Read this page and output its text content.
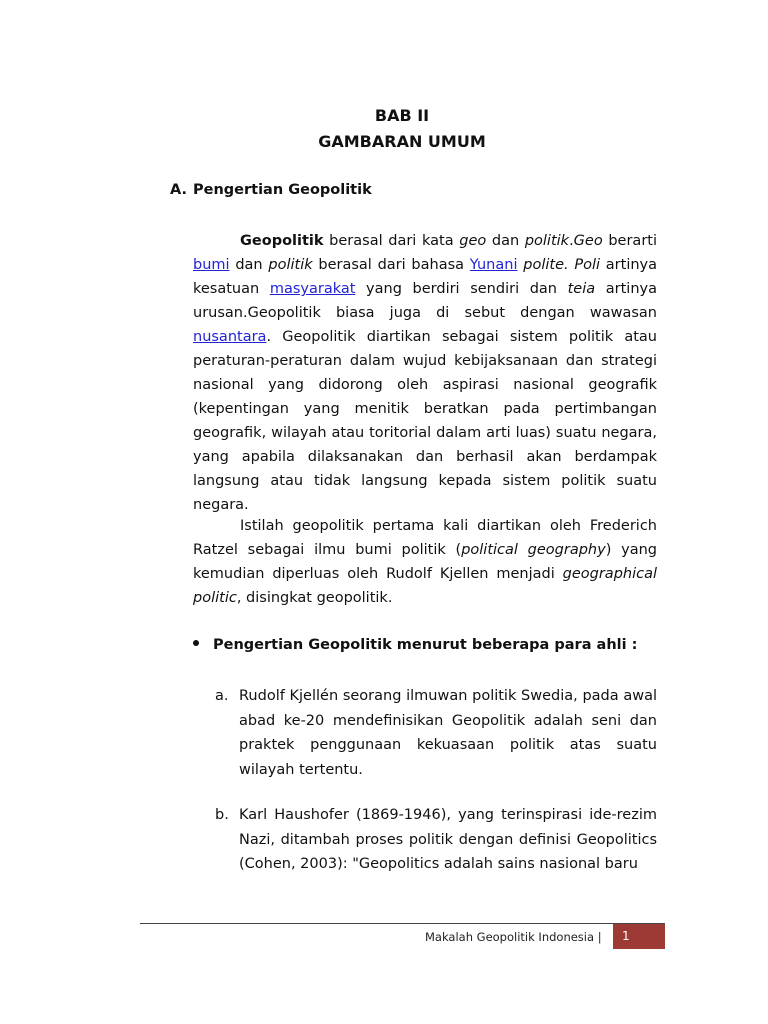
BAB II
GAMBARAN UMUM
A. Pengertian Geopolitik

Geopolitik berasal dari kata geo dan politik.Geo berarti bumi dan politik berasal dari bahasa Yunani polite. Poli artinya kesatuan masyarakat yang berdiri sendiri dan teia artinya urusan.Geopolitik biasa juga di sebut dengan wawasan nusantara. Geopolitik diartikan sebagai sistem politik atau peraturan-peraturan dalam wujud kebijaksanaan dan strategi nasional yang didorong oleh aspirasi nasional geografik (kepentingan yang menitik beratkan pada pertimbangan geografik, wilayah atau toritorial dalam arti luas) suatu negara, yang apabila dilaksanakan dan berhasil akan berdampak langsung atau tidak langsung kepada sistem politik suatu negara.

Istilah geopolitik pertama kali diartikan oleh Frederich Ratzel sebagai ilmu bumi politik (political geography) yang kemudian diperluas oleh Rudolf Kjellen menjadi geographical politic, disingkat geopolitik.

Pengertian Geopolitik menurut beberapa para ahli :
a. Rudolf Kjellén seorang ilmuwan politik Swedia, pada awal abad ke-20 mendefinisikan Geopolitik adalah seni dan praktek penggunaan kekuasaan politik atas suatu wilayah tertentu.
b. Karl Haushofer (1869-1946), yang terinspirasi ide-rezim Nazi, ditambah proses politik dengan definisi Geopolitics (Cohen, 2003): "Geopolitics adalah sains nasional baru
Makalah Geopolitik Indonesia |	1
